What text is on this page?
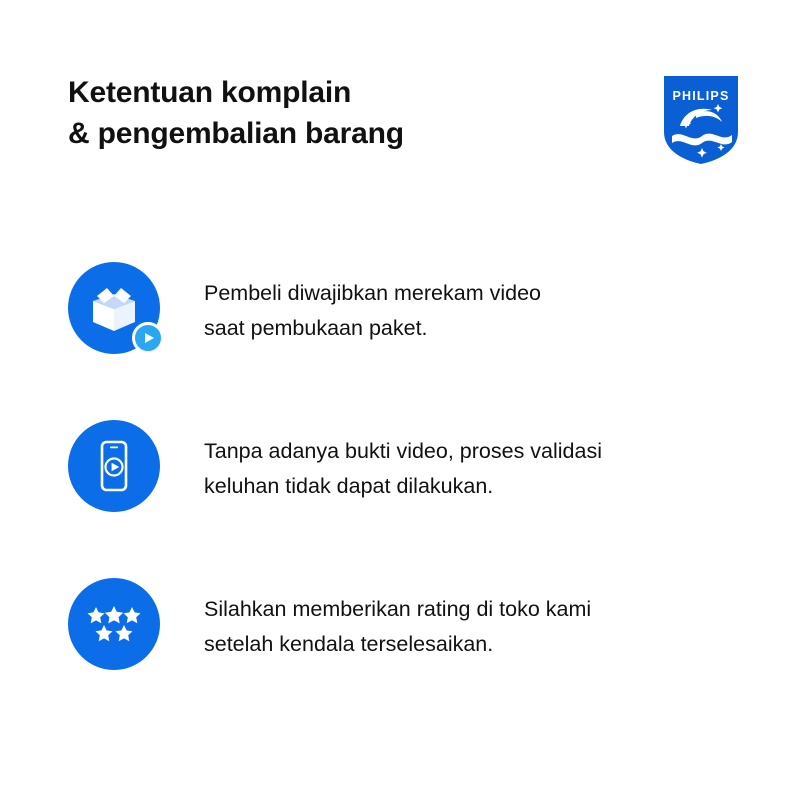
Ketentuan komplain
& pengembalian barang
PHILIPS
Pembeli diwajibkan merekam video
saat pembukaan paket.
Tanpa adanya bukti video, proses validasi
keluhan tidak dapat dilakukan.
Silahkan memberikan rating di toko kami
setelah kendala terselesaikan.
